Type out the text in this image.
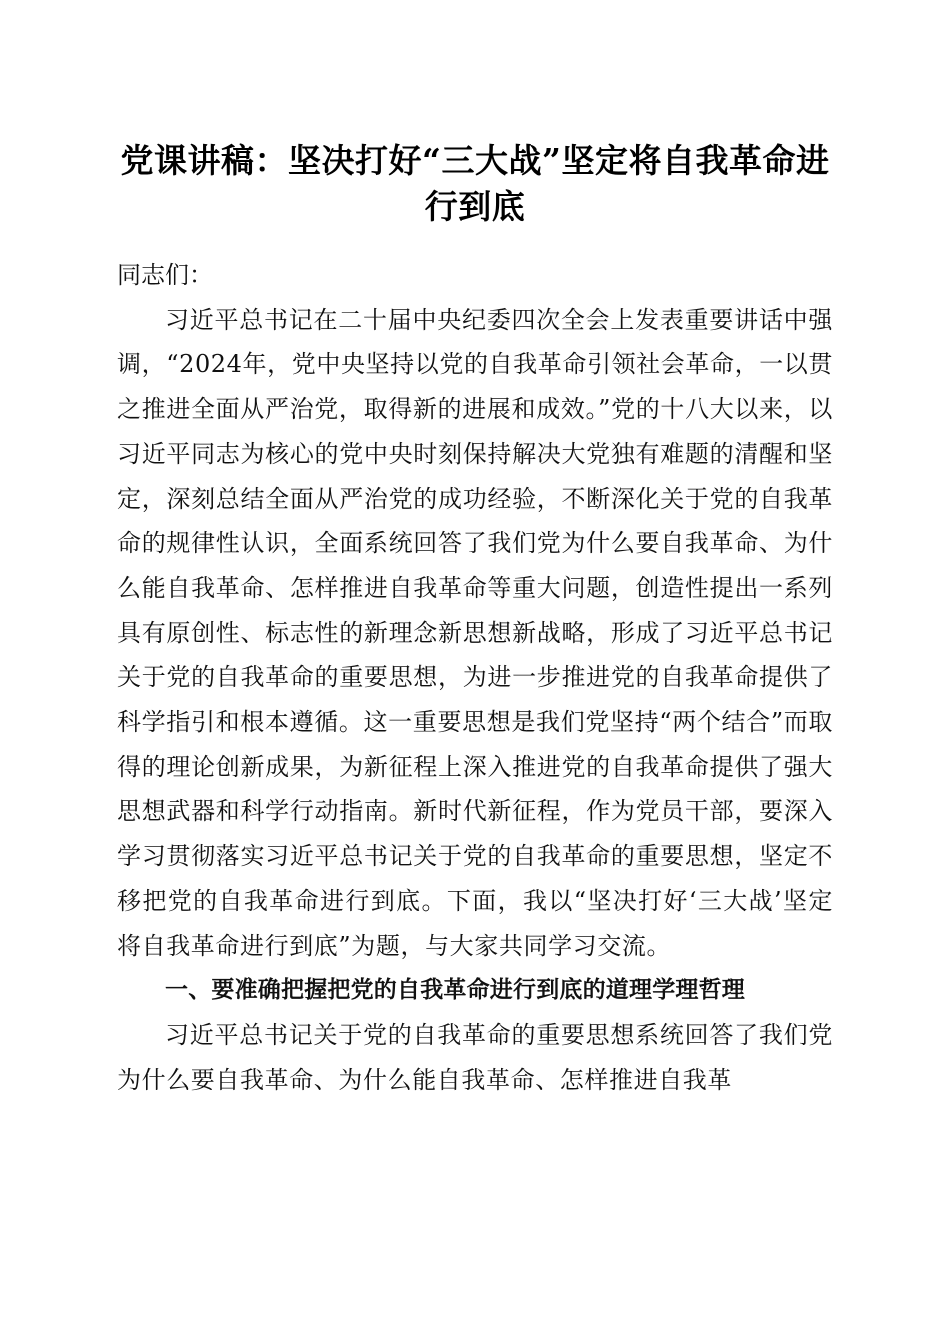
党课讲稿：坚决打好“三大战”坚定将自我革命进行到底

同志们：

习近平总书记在二十届中央纪委四次全会上发表重要讲话中强调，“2024年，党中央坚持以党的自我革命引领社会革命，一以贯之推进全面从严治党，取得新的进展和成效。”党的十八大以来，以习近平同志为核心的党中央时刻保持解决大党独有难题的清醒和坚定，深刻总结全面从严治党的成功经验，不断深化关于党的自我革命的规律性认识，全面系统回答了我们党为什么要自我革命、为什么能自我革命、怎样推进自我革命等重大问题，创造性提出一系列具有原创性、标志性的新理念新思想新战略，形成了习近平总书记关于党的自我革命的重要思想，为进一步推进党的自我革命提供了科学指引和根本遵循。这一重要思想是我们党坚持“两个结合”而取得的理论创新成果，为新征程上深入推进党的自我革命提供了强大思想武器和科学行动指南。新时代新征程，作为党员干部，要深入学习贯彻落实习近平总书记关于党的自我革命的重要思想，坚定不移把党的自我革命进行到底。下面，我以“坚决打好‘三大战’坚定将自我革命进行到底”为题，与大家共同学习交流。

一、要准确把握把党的自我革命进行到底的道理学理哲理

习近平总书记关于党的自我革命的重要思想系统回答了我们党为什么要自我革命、为什么能自我革命、怎样推进自我革
